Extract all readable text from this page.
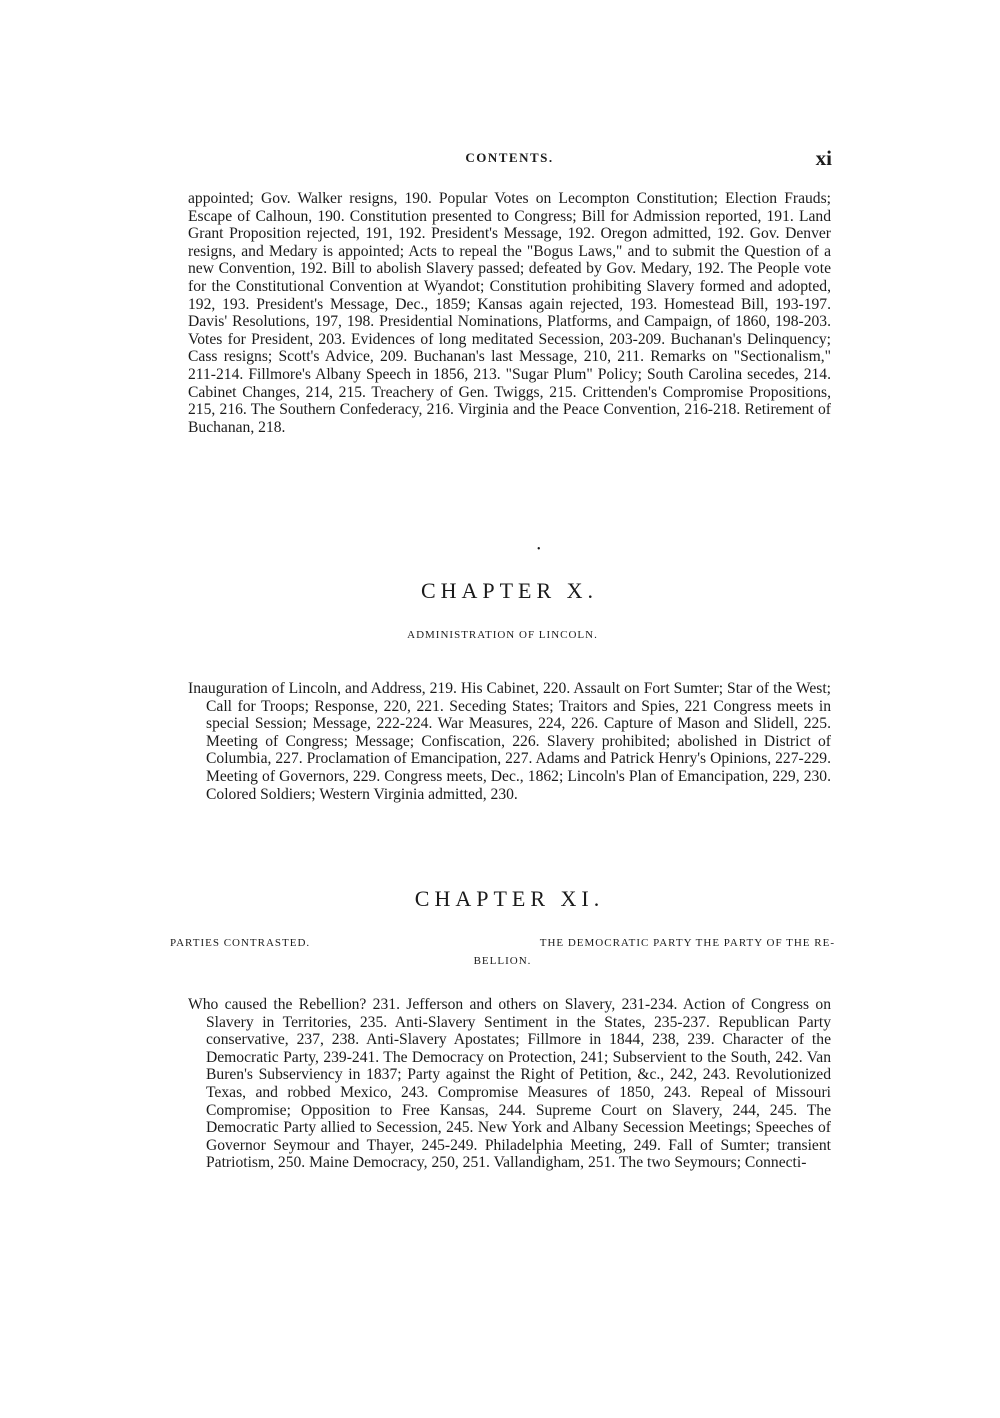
CONTENTS.	xi

appointed; Gov. Walker resigns, 190. Popular Votes on Lecompton Constitution; Election Frauds; Escape of Calhoun, 190. Constitution presented to Congress; Bill for Admission reported, 191. Land Grant Proposition rejected, 191, 192. President's Message, 192. Oregon admitted, 192. Gov. Denver resigns, and Medary is appointed; Acts to repeal the "Bogus Laws," and to submit the Question of a new Convention, 192. Bill to abolish Slavery passed; defeated by Gov. Medary, 192. The People vote for the Constitutional Convention at Wyandot; Constitution prohibiting Slavery formed and adopted, 192, 193. President's Message, Dec., 1859; Kansas again rejected, 193. Homestead Bill, 193-197. Davis' Resolutions, 197, 198. Presidential Nominations, Platforms, and Campaign, of 1860, 198-203. Votes for President, 203. Evidences of long meditated Secession, 203-209. Buchanan's Delinquency; Cass resigns; Scott's Advice, 209. Buchanan's last Message, 210, 211. Remarks on "Sectionalism," 211-214. Fillmore's Albany Speech in 1856, 213. "Sugar Plum" Policy; South Carolina secedes, 214. Cabinet Changes, 214, 215. Treachery of Gen. Twiggs, 215. Crittenden's Compromise Propositions, 215, 216. The Southern Confederacy, 216. Virginia and the Peace Convention, 216-218. Retirement of Buchanan, 218.

•
CHAPTER X.
ADMINISTRATION OF LINCOLN.

Inauguration of Lincoln, and Address, 219. His Cabinet, 220. Assault on Fort Sumter; Star of the West; Call for Troops; Response, 220, 221. Seceding States; Traitors and Spies, 221 Congress meets in special Session; Message, 222-224. War Measures, 224, 226. Capture of Mason and Slidell, 225. Meeting of Congress; Message; Confiscation, 226. Slavery prohibited; abolished in District of Columbia, 227. Proclamation of Emancipation, 227. Adams and Patrick Henry's Opinions, 227-229. Meeting of Governors, 229. Congress meets, Dec., 1862; Lincoln's Plan of Emancipation, 229, 230. Colored Soldiers; Western Virginia admitted, 230.

CHAPTER XI.
PARTIES CONTRASTED.	THE DEMOCRATIC PARTY THE PARTY OF THE RE-
BELLION.

Who caused the Rebellion? 231. Jefferson and others on Slavery, 231-234. Action of Congress on Slavery in Territories, 235. Anti-Slavery Sentiment in the States, 235-237. Republican Party conservative, 237, 238. Anti-Slavery Apostates; Fillmore in 1844, 238, 239. Character of the Democratic Party, 239-241. The Democracy on Protection, 241; Subservient to the South, 242. Van Buren's Subserviency in 1837; Party against the Right of Petition, &c., 242, 243. Revolutionized Texas, and robbed Mexico, 243. Compromise Measures of 1850, 243. Repeal of Missouri Compromise; Opposition to Free Kansas, 244. Supreme Court on Slavery, 244, 245. The Democratic Party allied to Secession, 245. New York and Albany Secession Meetings; Speeches of Governor Seymour and Thayer, 245-249. Philadelphia Meeting, 249. Fall of Sumter; transient Patriotism, 250. Maine Democracy, 250, 251. Vallandigham, 251. The two Seymours; Connecti-
